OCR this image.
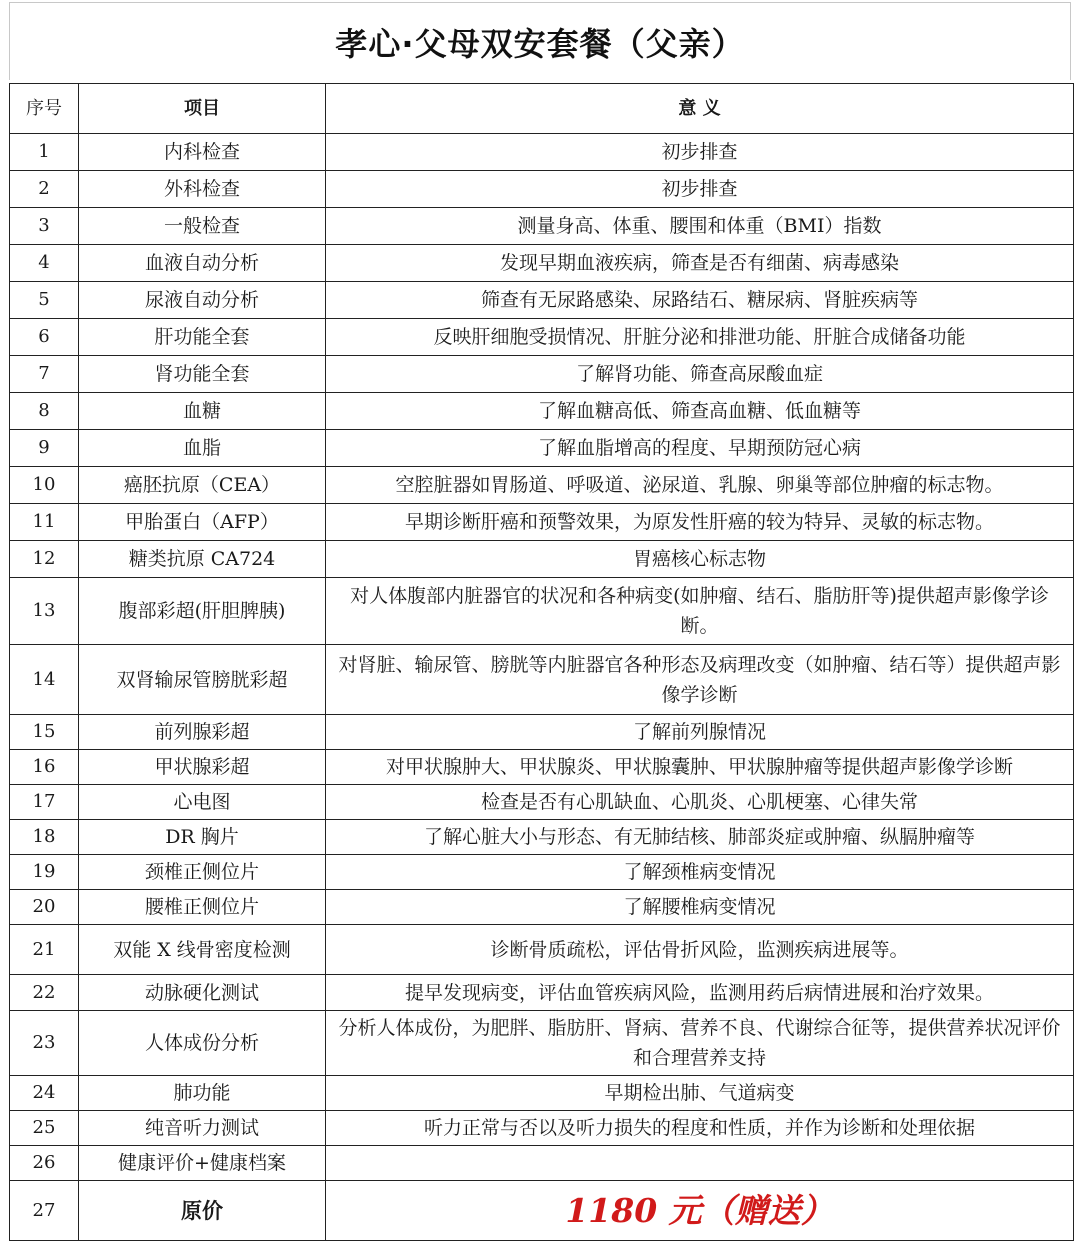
孝心·父母双安套餐（父亲）
序号	项目	意 义
1	内科检查	初步排查
2	外科检查	初步排查
3	一般检查	测量身高、体重、腰围和体重（BMI）指数
4	血液自动分析	发现早期血液疾病，筛查是否有细菌、病毒感染
5	尿液自动分析	筛查有无尿路感染、尿路结石、糖尿病、肾脏疾病等
6	肝功能全套	反映肝细胞受损情况、肝脏分泌和排泄功能、肝脏合成储备功能
7	肾功能全套	了解肾功能、筛查高尿酸血症
8	血糖	了解血糖高低、筛查高血糖、低血糖等
9	血脂	了解血脂增高的程度、早期预防冠心病
10	癌胚抗原（CEA）	空腔脏器如胃肠道、呼吸道、泌尿道、乳腺、卵巢等部位肿瘤的标志物。
11	甲胎蛋白（AFP）	早期诊断肝癌和预警效果，为原发性肝癌的较为特异、灵敏的标志物。
12	糖类抗原 CA724	胃癌核心标志物
13	腹部彩超(肝胆脾胰)	对人体腹部内脏器官的状况和各种病变(如肿瘤、结石、脂肪肝等)提供超声影像学诊断。
14	双肾输尿管膀胱彩超	对肾脏、输尿管、膀胱等内脏器官各种形态及病理改变（如肿瘤、结石等）提供超声影像学诊断
15	前列腺彩超	了解前列腺情况
16	甲状腺彩超	对甲状腺肿大、甲状腺炎、甲状腺囊肿、甲状腺肿瘤等提供超声影像学诊断
17	心电图	检查是否有心肌缺血、心肌炎、心肌梗塞、心律失常
18	DR 胸片	了解心脏大小与形态、有无肺结核、肺部炎症或肿瘤、纵膈肿瘤等
19	颈椎正侧位片	了解颈椎病变情况
20	腰椎正侧位片	了解腰椎病变情况
21	双能 X 线骨密度检测	诊断骨质疏松，评估骨折风险，监测疾病进展等。
22	动脉硬化测试	提早发现病变，评估血管疾病风险，监测用药后病情进展和治疗效果。
23	人体成份分析	分析人体成份，为肥胖、脂肪肝、肾病、营养不良、代谢综合征等，提供营养状况评价和合理营养支持
24	肺功能	早期检出肺、气道病变
25	纯音听力测试	听力正常与否以及听力损失的程度和性质，并作为诊断和处理依据
26	健康评价+健康档案	
27	原价	1180 元（赠送）
